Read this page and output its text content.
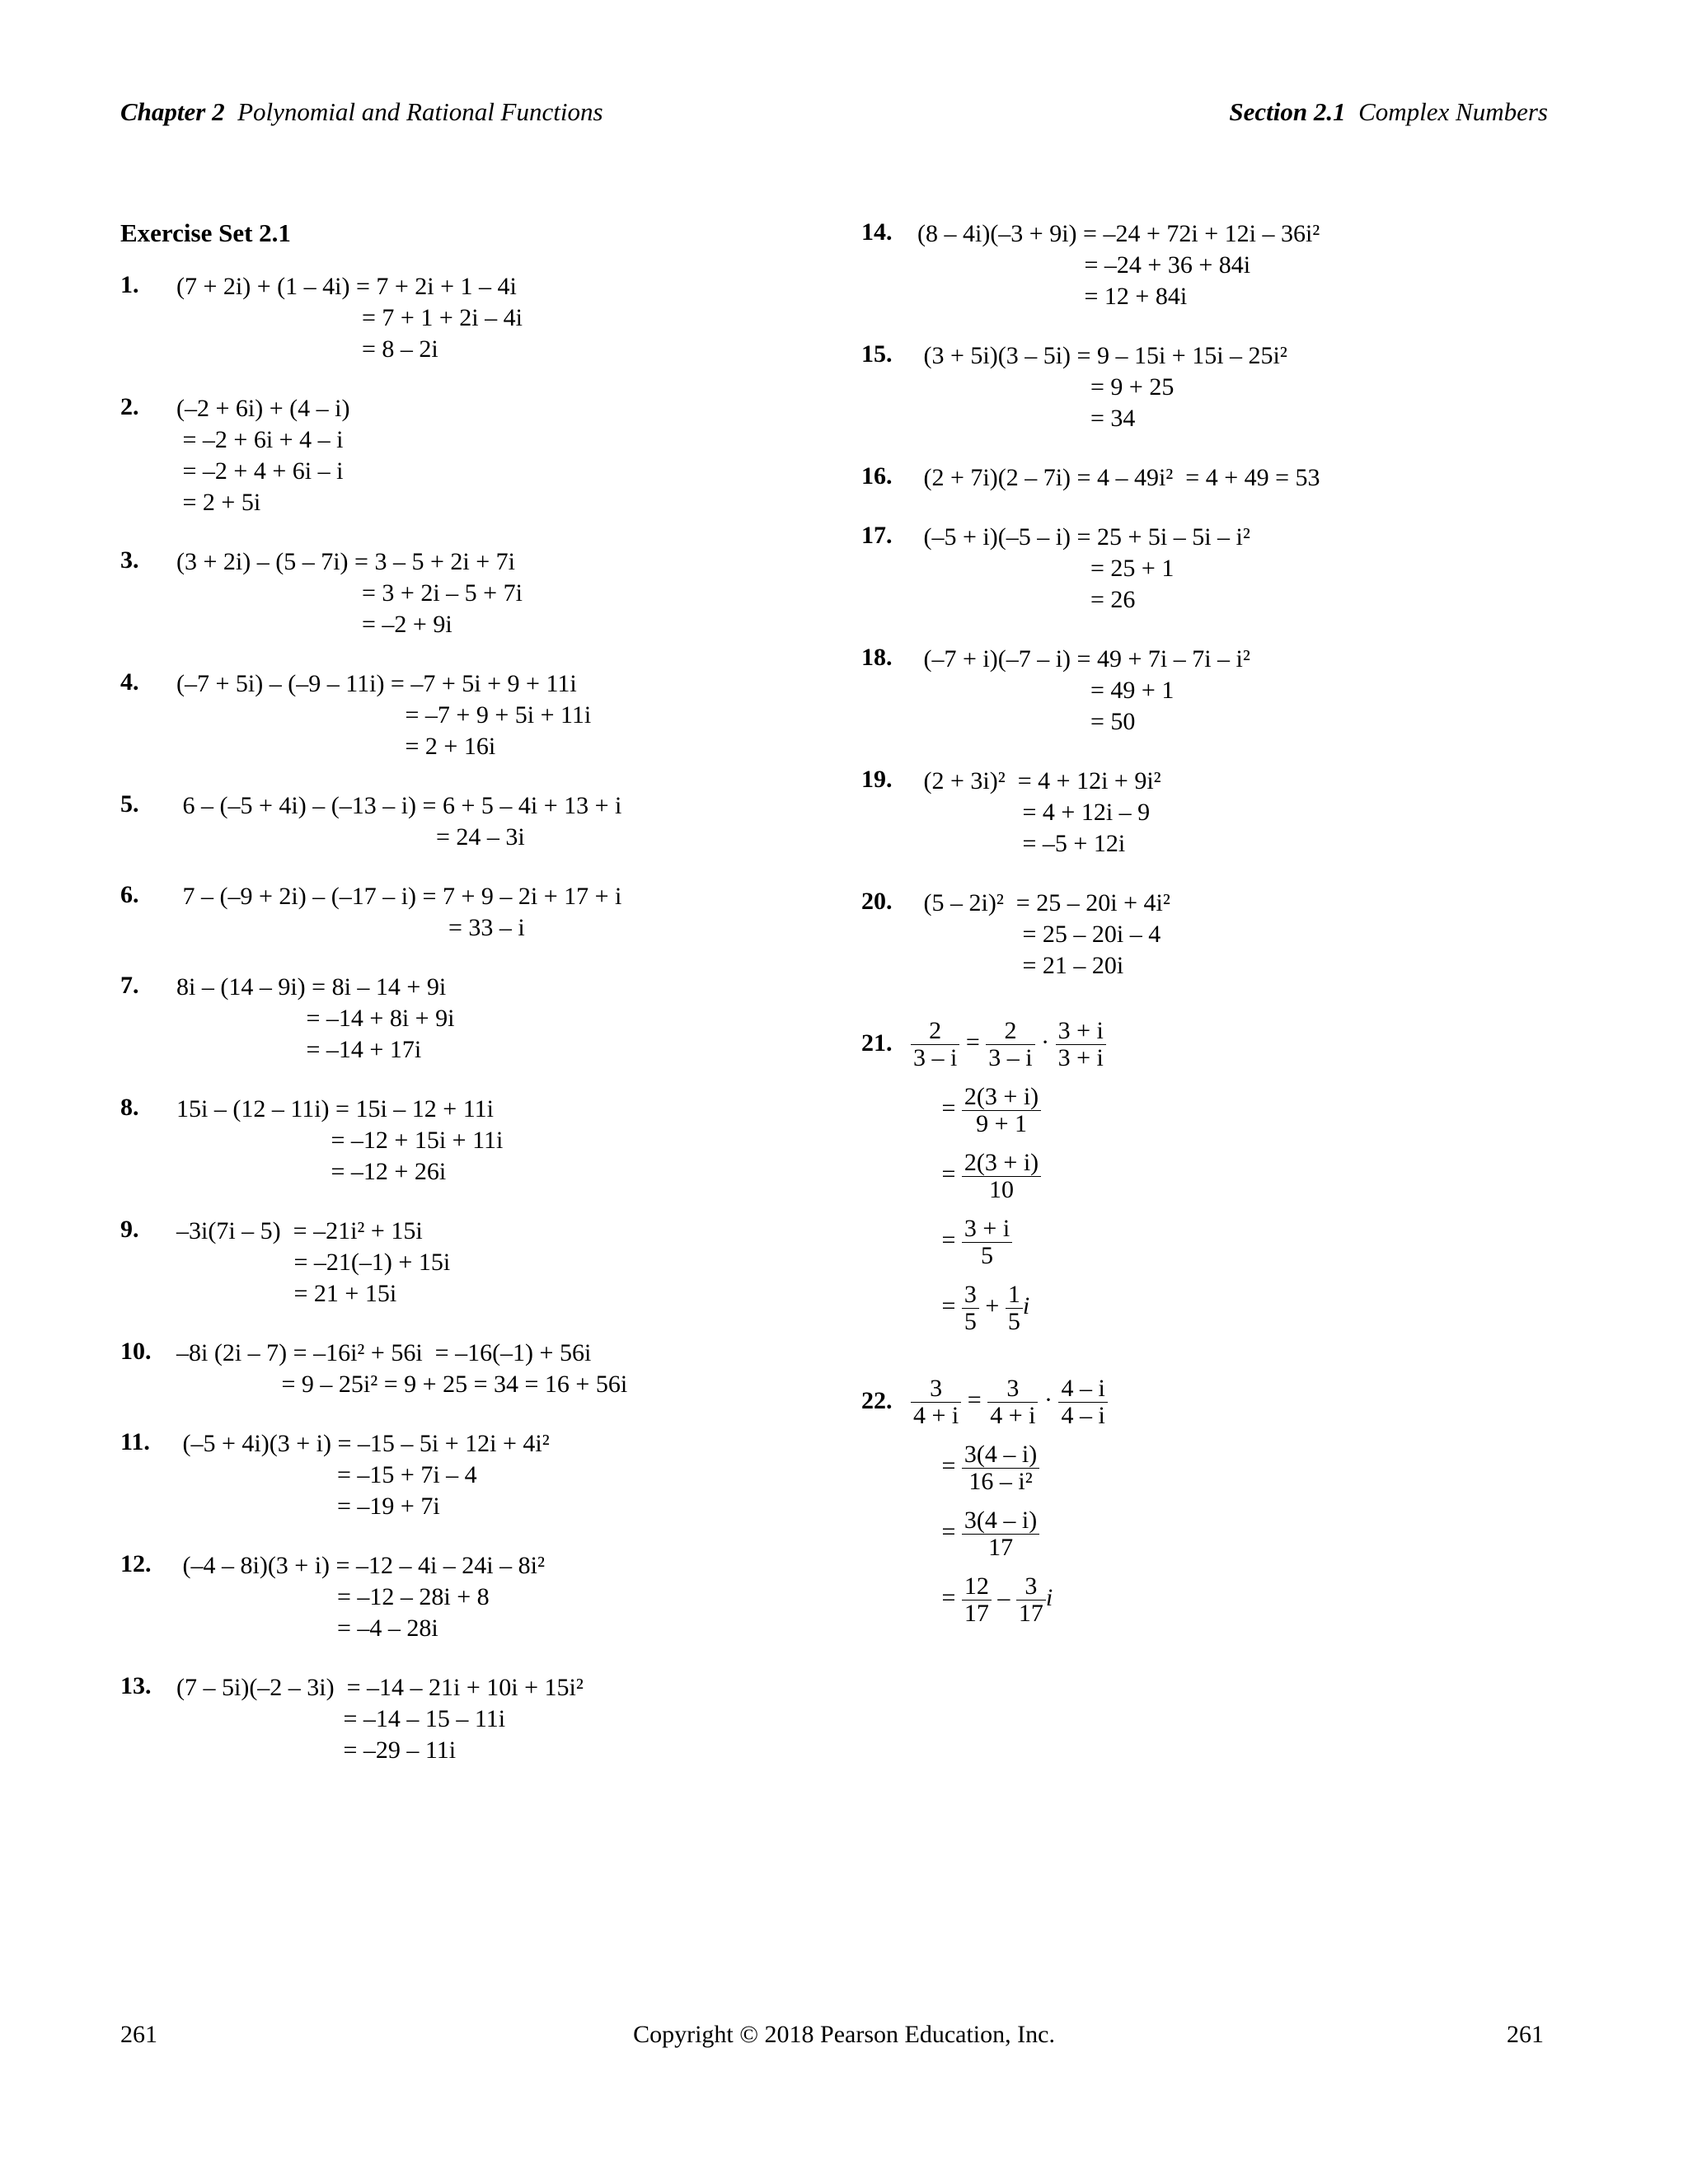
Chapter 2 Polynomial and Rational Functions	Section 2.1 Complex Numbers
Exercise Set 2.1
1. (7 + 2i) + (1 – 4i) = 7 + 2i + 1 – 4i
= 7 + 1 + 2i – 4i
= 8 – 2i
2. (–2 + 6i) + (4 – i)
= –2 + 6i + 4 – i
= –2 + 4 + 6i – i
= 2 + 5i
3. (3 + 2i) – (5 – 7i) = 3 – 5 + 2i + 7i
= 3 + 2i – 5 + 7i
= –2 + 9i
4. (–7 + 5i) – (–9 – 11i) = –7 + 5i + 9 + 11i
= –7 + 9 + 5i + 11i
= 2 + 16i
5. 6 – (–5 + 4i) – (–13 – i) = 6 + 5 – 4i + 13 + i
= 24 – 3i
6. 7 – (–9 + 2i) – (–17 – i) = 7 + 9 – 2i + 17 + i
= 33 – i
7. 8i – (14 – 9i) = 8i – 14 + 9i
= –14 + 8i + 9i
= –14 + 17i
8. 15i – (12 – 11i) = 15i – 12 + 11i
= –12 + 15i + 11i
= –12 + 26i
9. –3i(7i – 5)  = –21i² + 15i
= –21(–1) + 15i
= 21 + 15i
10. –8i (2i – 7) = –16i² + 56i  = –16(–1) + 56i
= 9 – 25i² = 9 + 25 = 34 = 16 + 56i
11. (–5 + 4i)(3 + i) = –15 – 5i + 12i + 4i²
= –15 + 7i – 4
= –19 + 7i
12. (–4 – 8i)(3 + i) = –12 – 4i – 24i – 8i²
= –12 – 28i + 8
= –4 – 28i
13. (7 – 5i)(–2 – 3i)  = –14 – 21i + 10i + 15i²
= –14 – 15 – 11i
= –29 – 11i
14. (8 – 4i)(–3 + 9i) = –24 + 72i + 12i – 36i²
= –24 + 36 + 84i
= 12 + 84i
15. (3 + 5i)(3 – 5i) = 9 – 15i + 15i – 25i²
= 9 + 25
= 34
16. (2 + 7i)(2 – 7i) = 4 – 49i²  = 4 + 49 = 53
17. (–5 + i)(–5 – i) = 25 + 5i – 5i – i²
= 25 + 1
= 26
18. (–7 + i)(–7 – i) = 49 + 7i – 7i – i²
= 49 + 1
= 50
19. (2 + 3i)²  = 4 + 12i + 9i²
= 4 + 12i – 9
= –5 + 12i
20. (5 – 2i)²  = 25 – 20i + 4i²
= 25 – 20i – 4
= 21 – 20i
21. $\frac{2}{3 - i} = \frac{2}{3 - i} \cdot \frac{3 + i}{3 + i}$
= $\frac{2(3 + i)}{9 + 1}$
= $\frac{2(3 + i)}{10}$
= $\frac{3 + i}{5}$
= $\frac{3}{5} + \frac{1}{5}$ i
22. $\frac{3}{4 + i} = \frac{3}{4 + i} \cdot \frac{4 - i}{4 - i}$
= $\frac{3(4 - i)}{\text{16 – i²}}$
= $\frac{3(4 - i)}{17}$
= $\frac{12}{17} - \frac{3}{17}$ i
261	Copyright © 2018 Pearson Education, Inc.	261
